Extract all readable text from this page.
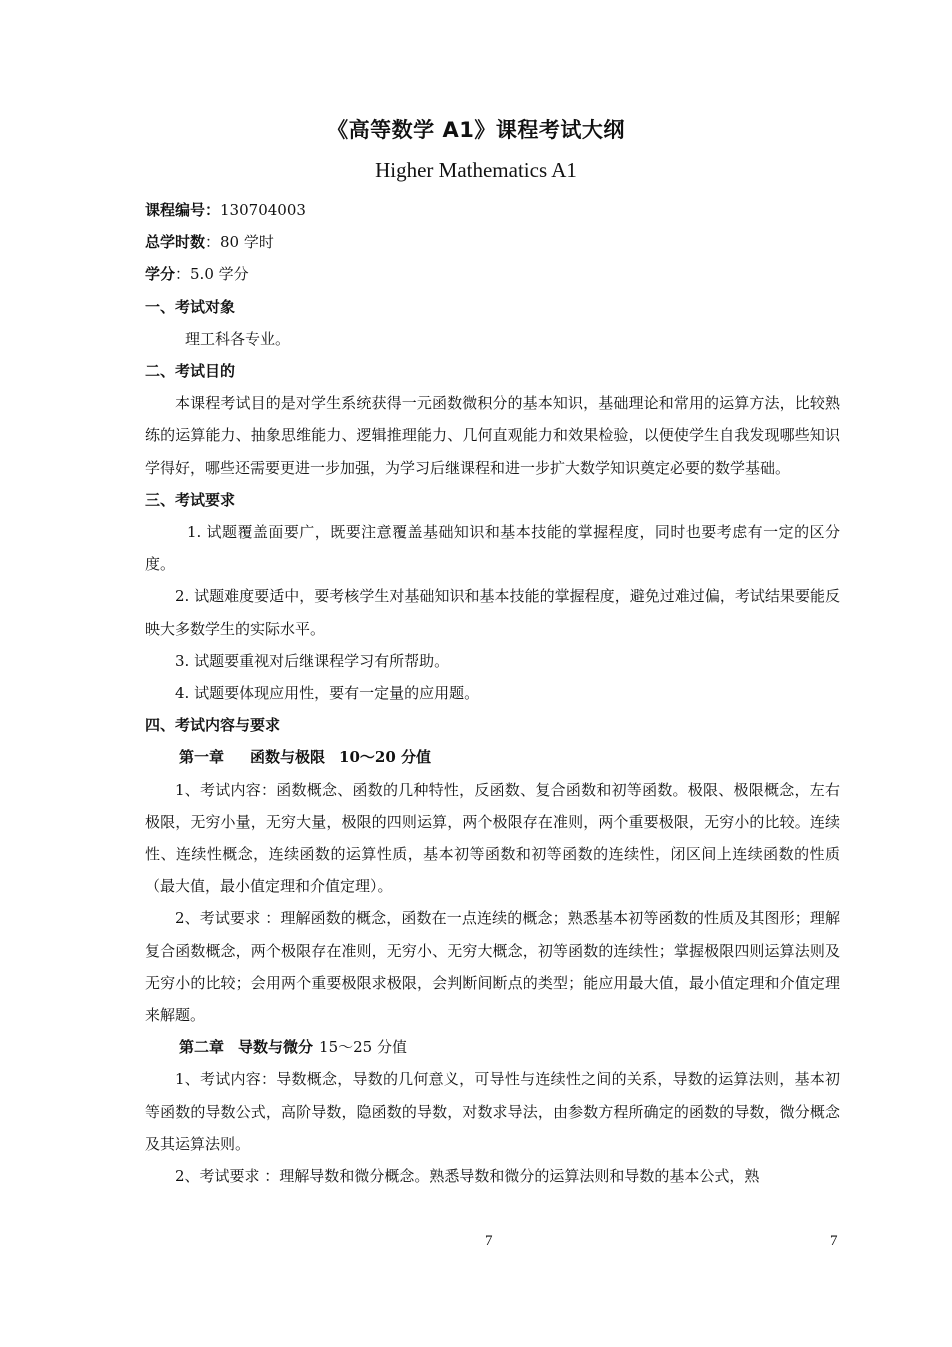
《高等数学 A1》课程考试大纲
Higher Mathematics A1
课程编号：130704003
总学时数：80 学时
学分：5.0 学分
一、考试对象
理工科各专业。
二、考试目的

本课程考试目的是对学生系统获得一元函数微积分的基本知识，基础理论和常用的运算方法，比较熟练的运算能力、抽象思维能力、逻辑推理能力、几何直观能力和效果检验，以便使学生自我发现哪些知识学得好，哪些还需要更进一步加强，为学习后继课程和进一步扩大数学知识奠定必要的数学基础。

三、考试要求

1. 试题覆盖面要广，既要注意覆盖基础知识和基本技能的掌握程度，同时也要考虑有一定的区分度。

2. 试题难度要适中，要考核学生对基础知识和基本技能的掌握程度，避免过难过偏，考试结果要能反映大多数学生的实际水平。

3. 试题要重视对后继课程学习有所帮助。

4. 试题要体现应用性，要有一定量的应用题。

四、考试内容与要求
第一章 函数与极限 10～20 分值

1、考试内容：函数概念、函数的几种特性，反函数、复合函数和初等函数。极限、极限概念，左右极限，无穷小量，无穷大量，极限的四则运算，两个极限存在准则，两个重要极限，无穷小的比较。连续性、连续性概念，连续函数的运算性质，基本初等函数和初等函数的连续性，闭区间上连续函数的性质（最大值，最小值定理和介值定理）。

2、考试要求 ：理解函数的概念，函数在一点连续的概念；熟悉基本初等函数的性质及其图形；理解复合函数概念，两个极限存在准则，无穷小、无穷大概念，初等函数的连续性；掌握极限四则运算法则及无穷小的比较；会用两个重要极限求极限，会判断间断点的类型；能应用最大值，最小值定理和介值定理来解题。

第二章 导数与微分 15～25 分值

1、考试内容：导数概念，导数的几何意义，可导性与连续性之间的关系，导数的运算法则，基本初等函数的导数公式，高阶导数，隐函数的导数，对数求导法，由参数方程所确定的函数的导数，微分概念及其运算法则。

2、考试要求 ：理解导数和微分概念。熟悉导数和微分的运算法则和导数的基本公式，熟

7	7
